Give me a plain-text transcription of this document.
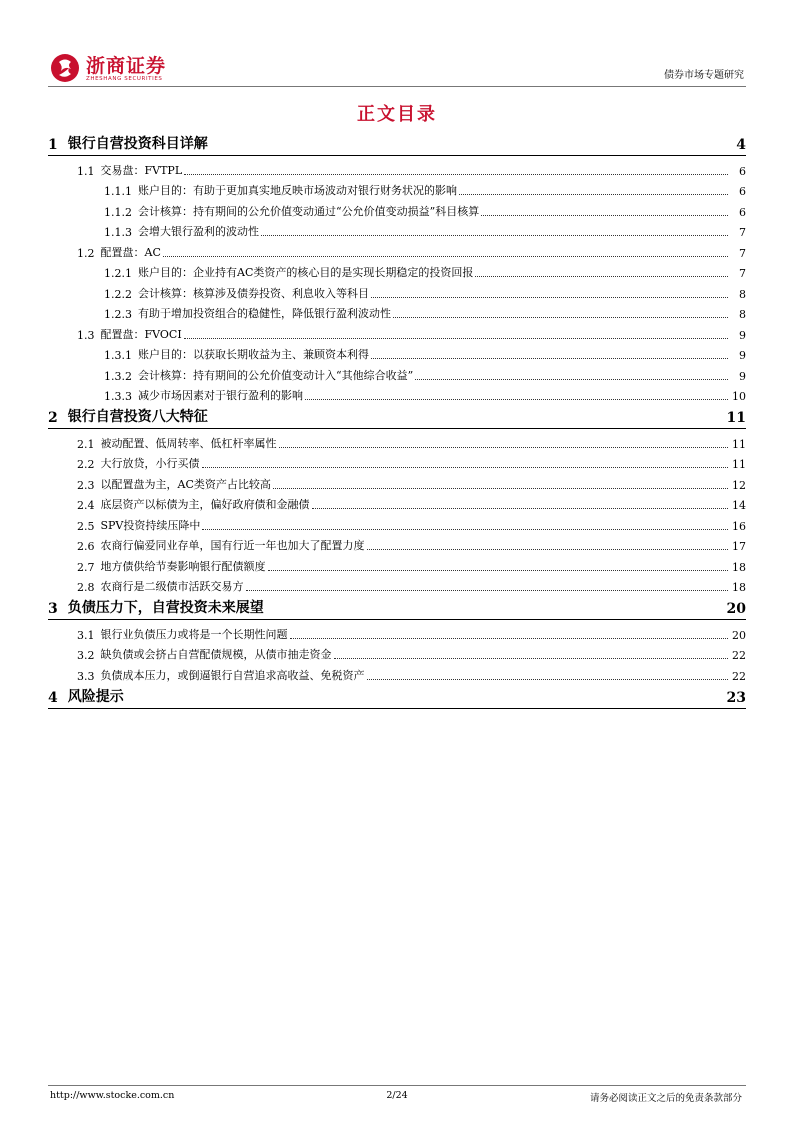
浙商证券
ZHESHANG SECURITIES	债券市场专题研究
正文目录
1 银行自营投资科目详解	4
1.1 交易盘：FVTPL	6
1.1.1 账户目的：有助于更加真实地反映市场波动对银行财务状况的影响	6
1.1.2 会计核算：持有期间的公允价值变动通过“公允价值变动损益”科目核算	6
1.1.3 会增大银行盈利的波动性	7
1.2 配置盘：AC	7
1.2.1 账户目的：企业持有AC类资产的核心目的是实现长期稳定的投资回报	7
1.2.2 会计核算：核算涉及债券投资、利息收入等科目	8
1.2.3 有助于增加投资组合的稳健性，降低银行盈利波动性	8
1.3 配置盘：FVOCI	9
1.3.1 账户目的：以获取长期收益为主、兼顾资本利得	9
1.3.2 会计核算：持有期间的公允价值变动计入“其他综合收益”	9
1.3.3 减少市场因素对于银行盈利的影响	10
2 银行自营投资八大特征	11
2.1 被动配置、低周转率、低杠杆率属性	11
2.2 大行放贷，小行买债	11
2.3 以配置盘为主，AC类资产占比较高	12
2.4 底层资产以标债为主，偏好政府债和金融债	14
2.5 SPV投资持续压降中	16
2.6 农商行偏爱同业存单，国有行近一年也加大了配置力度	17
2.7 地方债供给节奏影响银行配债额度	18
2.8 农商行是二级债市活跃交易方	18
3 负债压力下，自营投资未来展望	20
3.1 银行业负债压力或将是一个长期性问题	20
3.2 缺负债或会挤占自营配债规模，从债市抽走资金	22
3.3 负债成本压力，或倒逼银行自营追求高收益、免税资产	22
4 风险提示	23
http://www.stocke.com.cn	2/24	请务必阅读正文之后的免责条款部分
